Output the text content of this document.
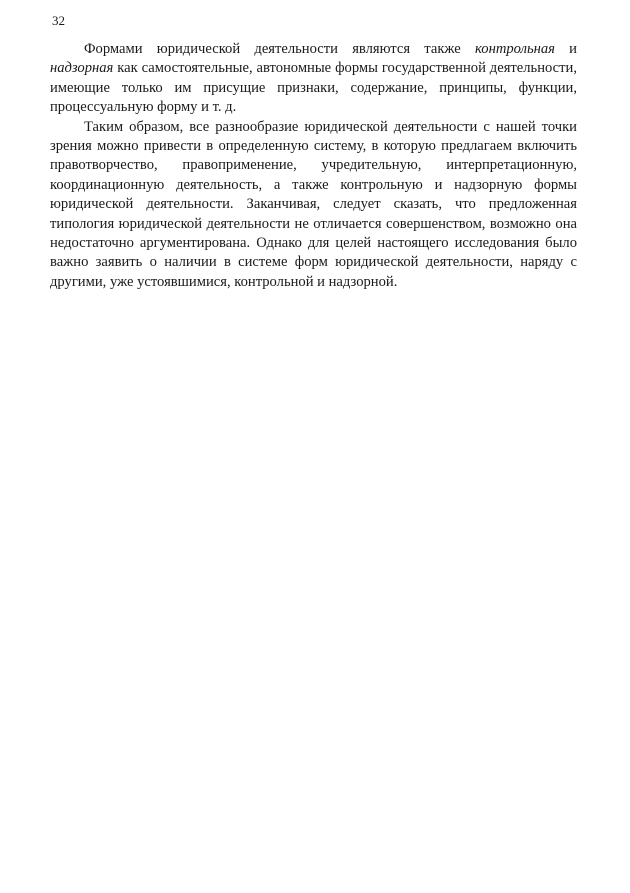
32

Формами юридической деятельности являются также контрольная и надзорная как самостоятельные, автономные формы государственной деятельности, имеющие только им присущие признаки, содержание, принципы, функции, процессуальную форму и т. д.

Таким образом, все разнообразие юридической деятельности с нашей точки зрения можно привести в определенную систему, в которую предлагаем включить правотворчество, правоприменение, учредительную, интерпретационную, координационную деятельность, а также контрольную и надзорную формы юридической деятельности. Заканчивая, следует сказать, что предложенная типология юридической деятельности не отличается совершенством, возможно она недостаточно аргументирована. Однако для целей настоящего исследования было важно заявить о наличии в системе форм юридической деятельности, наряду с другими, уже устоявшимися, контрольной и надзорной.
